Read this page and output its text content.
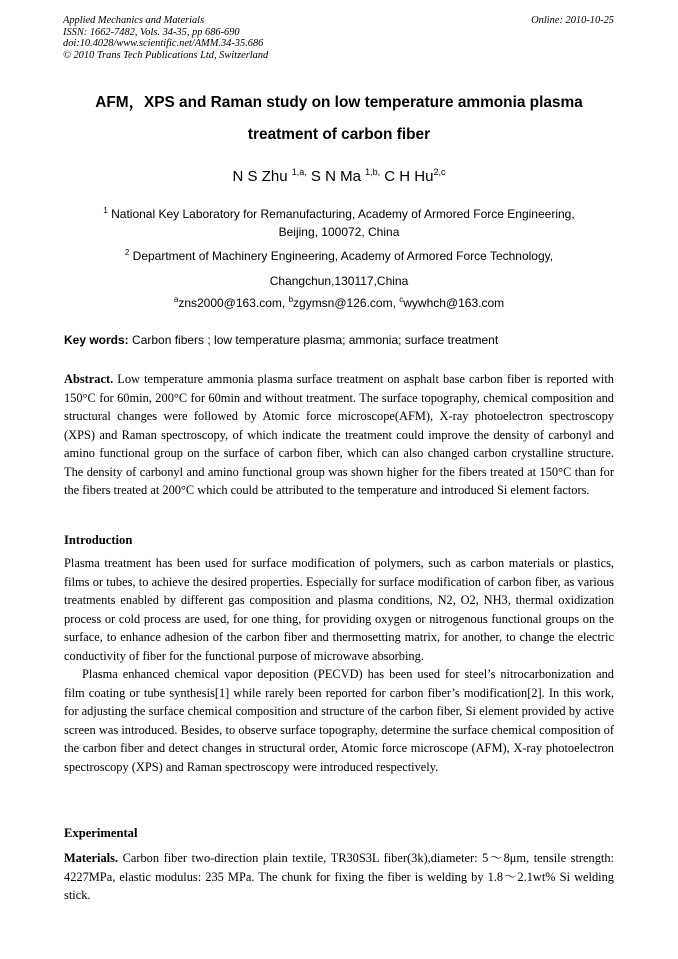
Applied Mechanics and Materials
ISSN: 1662-7482, Vols. 34-35, pp 686-690
doi:10.4028/www.scientific.net/AMM.34-35.686
© 2010 Trans Tech Publications Ltd, Switzerland
Online: 2010-10-25
AFM，XPS and Raman study on low temperature ammonia plasma
treatment of carbon fiber
N S Zhu $^{1,a,}$ S N Ma $^{1,b,}$ C H Hu$^{2,c}$
$^1$ National Key Laboratory for Remanufacturing, Academy of Armored Force Engineering,
Beijing, 100072, China
$^2$ Department of Machinery Engineering, Academy of Armored Force Technology,
Changchun,130117,China
$^a$zns2000@163.com, $^b$zgymsn@126.com, $^c$wywhch@163.com
Key words: Carbon fibers ; low temperature plasma; ammonia; surface treatment

Abstract. Low temperature ammonia plasma surface treatment on asphalt base carbon fiber is reported with 150°C for 60min, 200°C for 60min and without treatment. The surface topography, chemical composition and structural changes were followed by Atomic force microscope(AFM), X-ray photoelectron spectroscopy (XPS) and Raman spectroscopy, of which indicate the treatment could improve the density of carbonyl and amino functional group on the surface of carbon fiber, which can also changed carbon crystalline structure. The density of carbonyl and amino functional group was shown higher for the fibers treated at 150°C than for the fibers treated at 200°C which could be attributed to the temperature and introduced Si element factors.

Introduction

Plasma treatment has been used for surface modification of polymers, such as carbon materials or plastics, films or tubes, to achieve the desired properties. Especially for surface modification of carbon fiber, as various treatments enabled by different gas composition and plasma conditions, N2, O2, NH3, thermal oxidization process or cold process are used, for one thing, for providing oxygen or nitrogenous functional groups on the surface, to enhance adhesion of the carbon fiber and thermosetting matrix, for another, to change the electric conductivity of fiber for the functional purpose of microwave absorbing.

Plasma enhanced chemical vapor deposition (PECVD) has been used for steel’s nitrocarbonization and film coating or tube synthesis[1] while rarely been reported for carbon fiber’s modification[2]. In this work, for adjusting the surface chemical composition and structure of the carbon fiber, Si element provided by active screen was introduced. Besides, to observe surface topography, determine the surface chemical composition of the carbon fiber and detect changes in structural order, Atomic force microscope (AFM), X-ray photoelectron spectroscopy (XPS) and Raman spectroscopy were introduced respectively.

Experimental

Materials. Carbon fiber two-direction plain textile, TR30S3L fiber(3k),diameter: 5〜8μm, tensile strength: 4227MPa, elastic modulus: 235 MPa. The chunk for fixing the fiber is welding by 1.8〜2.1wt% Si welding stick.
